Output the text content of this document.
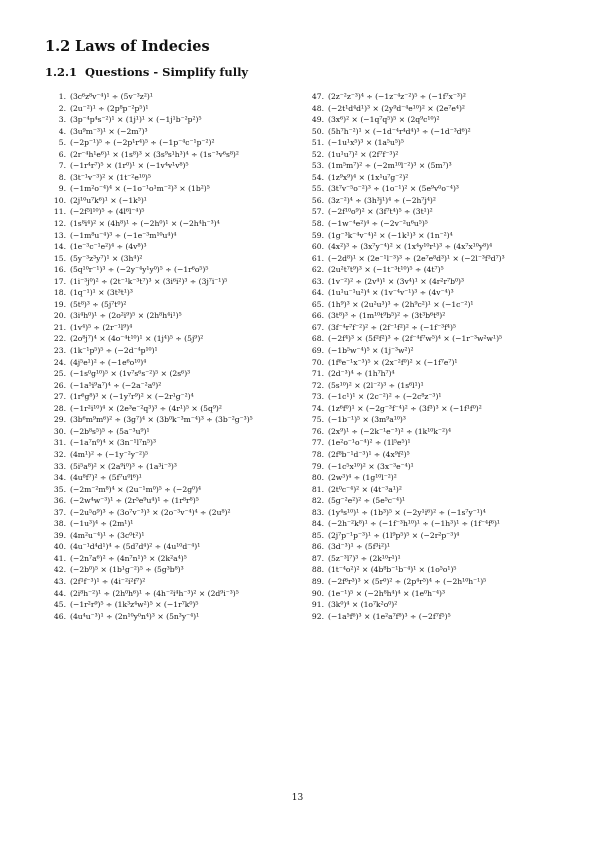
1.2 Laws of Indecies
1.2.1 Questions - Simplify fully
1. (3c⁶z⁸v⁻⁴)¹ ÷ (5v⁻³z²)¹
2. (2u⁻²)¹ ÷ (2p⁸p⁻²p⁵)¹
3. (3p⁻⁴p⁴s⁻²)¹ × (1j¹)¹ × (−1j¹b⁻²p²)⁵
4. (3u⁹m⁻³)¹ × (−2m⁷)³
5. (−2p⁻¹)⁵ ÷ (−2p¹r⁴)⁵ ÷ (−1p⁻⁴c⁻¹p⁻²)²
6. (2r⁻⁴h¹e⁶)¹ × (1s⁸)³ × (3s⁹s¹h³)⁴ ÷ (1s⁻³v⁶s⁸)²
7. (−1r⁴r⁷)⁵ × (1r⁰)¹ × (−1v⁴v¹v⁸)⁵
8. (3t⁻¹v⁻³)² × (1t⁻²e¹⁰)⁵
9. (−1m²o⁻⁴)⁴ × (−1o⁻¹o¹m⁻²)³ × (1b²)⁵
10. (2j¹⁰u⁷k⁶)¹ × (−1k⁵)¹
11. (−2f⁵l¹⁰)⁵ ÷ (4l⁶l⁻⁴)⁵
12. (1s⁸i⁴)² × (4h⁸)¹ ÷ (−2h⁰)¹ × (−2h⁴h⁻³)⁴
13. (−1m⁸u⁻⁴)³ ÷ (−1e⁻³m¹⁰u⁴)⁴
14. (1e⁻³c⁻¹e²)⁴ ÷ (4v⁸)³
15. (5y⁻³z³y⁷)¹ × (3h⁴)²
16. (5q¹⁰r⁻¹)³ ÷ (−2y⁻⁴y¹y⁰)⁵ ÷ (−1r⁶o⁵)⁵
17. (1i⁻³j⁰)² ÷ (2t⁻¹k⁻³t⁷)³ × (3i⁶i²)³ ÷ (3j⁷i⁻¹)⁵
18. (1q⁻¹)¹ × (3t³t¹)³
19. (5t⁸)³ ÷ (5j⁷t⁰)²
20. (3i⁴h⁰)¹ ÷ (2o²i⁹)⁵ × (2h⁸h⁴i¹)⁵
21. (1v⁴)⁵ ÷ (2r⁻¹l⁹)⁴
22. (2o⁸j⁷)⁴ × (4o⁻⁴t¹⁰)¹ × (1j⁴)⁵ ÷ (5j⁹)²
23. (1k⁻¹p⁵)⁵ ÷ (−2d⁻⁴p¹⁰)¹
24. (4j⁵e¹)² ÷ (−1e⁶o¹⁰)⁴
25. (−1s⁰g¹⁰)⁵ × (1v⁷s⁶s⁻²)⁵ × (2s⁶)³
26. (−1a⁵i⁹a⁷)⁴ ÷ (−2a⁻²a⁰)²
27. (1r⁶g⁸)³ × (−1y⁷r⁹)² × (−2r¹g⁻²)⁴
28. (−1r²i¹⁰)⁴ × (2e³e⁻²q³)³ ÷ (4r¹)⁵ × (5q⁹)²
29. (3b⁶m⁹m⁶)² ÷ (3g⁷)⁴ × (3b⁰k⁻³m⁻⁴)³ ÷ (3b⁻²g⁻³)⁵
30. (−2b⁸s⁵)⁵ ÷ (5a⁻³u⁹)¹
31. (−1a⁷n⁰)⁴ × (3n⁻¹l⁷n⁵)³
32. (4m¹)² ÷ (−1y⁻²y⁻²)⁵
33. (5i⁵a⁸)² × (2a⁹i⁰)³ ÷ (1a³i⁻³)³
34. (4u⁸f⁷)² ÷ (5f⁷u⁰l⁶)¹
35. (−2m⁻²m⁸)⁴ × (2u⁻¹m⁰)⁵ ÷ (−2g⁰)⁴
36. (−2w⁴w⁻³)¹ ÷ (2r⁵e⁹u⁴)¹ ÷ (1r⁸r⁸)⁵
37. (−2u⁵o⁹)³ ÷ (3o⁷v⁻³)³ × (2o⁻³v⁻⁴)⁴ ÷ (2u⁸)²
38. (−1u³)⁴ ÷ (2m¹)¹
39. (4m²u⁻⁴)¹ ÷ (3c⁰t²)¹
40. (4u⁻¹d⁴d¹)⁴ ÷ (5d⁷d⁴)² ÷ (4u¹⁰d⁻⁴)¹
41. (−2n⁷a⁶)² ÷ (4n⁷n¹)⁵ × (2k²a⁴)⁵
42. (−2b⁰)⁵ × (1b¹g⁻²)⁵ ÷ (5g³b⁸)³
43. (2f¹f⁻³)¹ ÷ (4i⁻²i²f⁷)²
44. (2i⁸h⁻²)¹ ÷ (2h⁰h⁶)¹ ÷ (4h⁻²i⁴h⁻³)² × (2d⁹i⁻³)⁵
45. (−1r²r⁹)⁵ ÷ (1k³z⁴w²)⁵ × (−1r⁷k⁰)⁵
46. (4u⁴u⁻³)¹ ÷ (2n¹⁰y⁰n⁴)³ × (5n³y⁻⁴)¹
47. (2z⁻²z⁻³)⁴ ÷ (−1z⁻⁴z⁻²)⁵ ÷ (−1f⁷x⁻³)²
48. (−2t¹d⁴d¹)³ × (2y⁹d⁻⁴e¹⁰)² × (2e⁷e⁴)²
49. (3x⁶)² × (−1q⁷q⁵)⁵ × (2q⁹c¹⁰)²
50. (5h⁷h⁻²)¹ × (−1d⁻⁴r⁴d⁴)³ ÷ (−1d⁻³d⁶)²
51. (−1u¹x⁵)³ × (1a⁵u⁵)⁵
52. (1u¹u⁷)² × (2f⁷f⁻³)²
53. (1m⁵m⁷)² ÷ (−2m¹⁰l⁻²)³ × (5m⁷)³
54. (1z⁹x⁹)⁴ × (1x¹u⁷g⁻²)²
55. (3t⁷v⁻⁵o⁻²)³ ÷ (1o⁻¹)² × (5e⁹v⁰o⁻⁴)³
56. (3z⁻²)⁴ ÷ (3h³j¹)⁴ ÷ (−2h⁷j⁴)²
57. (−2f¹⁰o⁹)² × (3f⁷t⁴)⁵ ÷ (3t¹)²
58. (−1w⁻⁴e²)⁴ ÷ (−2v⁻²u⁶u⁵)⁵
59. (1g⁻³k⁻⁴v⁻⁴)² × (−1k¹)³ × (1n⁻²)⁴
60. (4x²)³ ÷ (3x⁷y⁻⁴)² × (1x⁴y¹⁰r¹)³ ÷ (4x⁷x¹⁰y⁸)⁴
61. (−2d⁸)¹ × (2e⁻¹l⁻³)³ ÷ (2e⁷e⁸d³)¹ × (−2l⁻³f³d⁷)³
62. (2u²t⁷t⁹)³ × (−1t⁻³t¹⁰)⁵ ÷ (4t⁷)⁵
63. (1v⁻²)² ÷ (2v⁴)¹ × (3v⁴)¹ × (4r²r⁷b⁰)³
64. (1u¹u⁻¹u²)⁴ × (1v⁻⁴v⁻¹)³ ÷ (4v⁻⁴)³
65. (1h⁹)³ × (2u²u³)³ ÷ (2h⁹c²)¹ × (−1c⁻²)¹
66. (3t⁸)³ ÷ (1m¹⁰t⁹b⁵)² ÷ (3t³b⁶t⁸)²
67. (3f⁻⁴r⁷f⁻²)² ÷ (2f⁻¹f²)² ÷ (−1f⁻³f⁴)⁵
68. (−2f⁴)³ × (5f²f²)³ ÷ (2f⁻⁴f⁷w⁵)⁴ × (−1r⁻³w²w¹)⁵
69. (−1b⁵w⁻⁴)⁵ × (1j⁻³w²)²
70. (1f⁶e⁻¹x⁻³)⁵ × (2x⁻²f⁰)² × (−1f⁷e⁷)¹
71. (2d⁻³)⁴ ÷ (1h⁷h⁷)⁴
72. (5s¹⁰)² × (2l⁻²)³ ÷ (1s⁶l¹)¹
73. (−1c¹)¹ × (2c⁻²)² ÷ (−2c⁸z⁻³)¹
74. (1z⁶f⁰)¹ × (−2g⁻³f⁻⁴)² ÷ (3f³)³ × (−1f¹f⁰)²
75. (−1b⁻¹)⁵ × (3m⁹a¹⁰)³
76. (2x⁹)¹ ÷ (−2k⁻¹e⁻³)² ÷ (1k¹⁰k⁻²)⁴
77. (1e²o⁻¹o⁻⁴)² ÷ (1l⁵e⁵)¹
78. (2f⁸b⁻¹d⁻³)¹ ÷ (4x⁹f²)⁵
79. (−1c⁵x¹⁰)² × (3x⁻³e⁻⁴)¹
80. (2w³)⁴ ÷ (1g¹⁰l⁻²)²
81. (2t⁰c⁻⁴)² × (4t⁻³a¹)²
82. (5g⁻²e²)² ÷ (5e⁵c⁻⁴)¹
83. (1y⁴s¹⁰)¹ ÷ (1b³)⁵ × (−2y¹i⁶)² ÷ (−1s⁷y⁻¹)⁴
84. (−2h⁻²k⁸)¹ ÷ (−1f⁻³h¹⁰)¹ ÷ (−1h³)¹ ÷ (1f⁻⁴f⁶)¹
85. (2j⁷p⁻¹p⁻³)¹ ÷ (1l⁹p⁵)⁵ × (−2r²p⁻³)⁴
86. (3d⁻³)¹ ÷ (5f³i²)¹
87. (5z⁻³l⁷)³ ÷ (2k¹⁰r¹)¹
88. (1t⁻⁴o²)² × (4b⁸b⁻¹b⁻⁴)¹ × (1o⁵o¹)⁵
89. (−2f⁶r³)³ × (5r⁰)² ÷ (2p⁴r⁵)⁴ ÷ (−2h¹⁰h⁻¹)⁵
90. (1e⁻¹)⁵ × (−2h⁸h⁴)⁴ × (1e⁰h⁻⁴)³
91. (3k⁰)⁴ × (1o⁷k²o⁰)²
92. (−1a⁵f⁶)³ × (1e²a⁷f⁸)³ ÷ (−2f⁷f⁵)⁵

13
